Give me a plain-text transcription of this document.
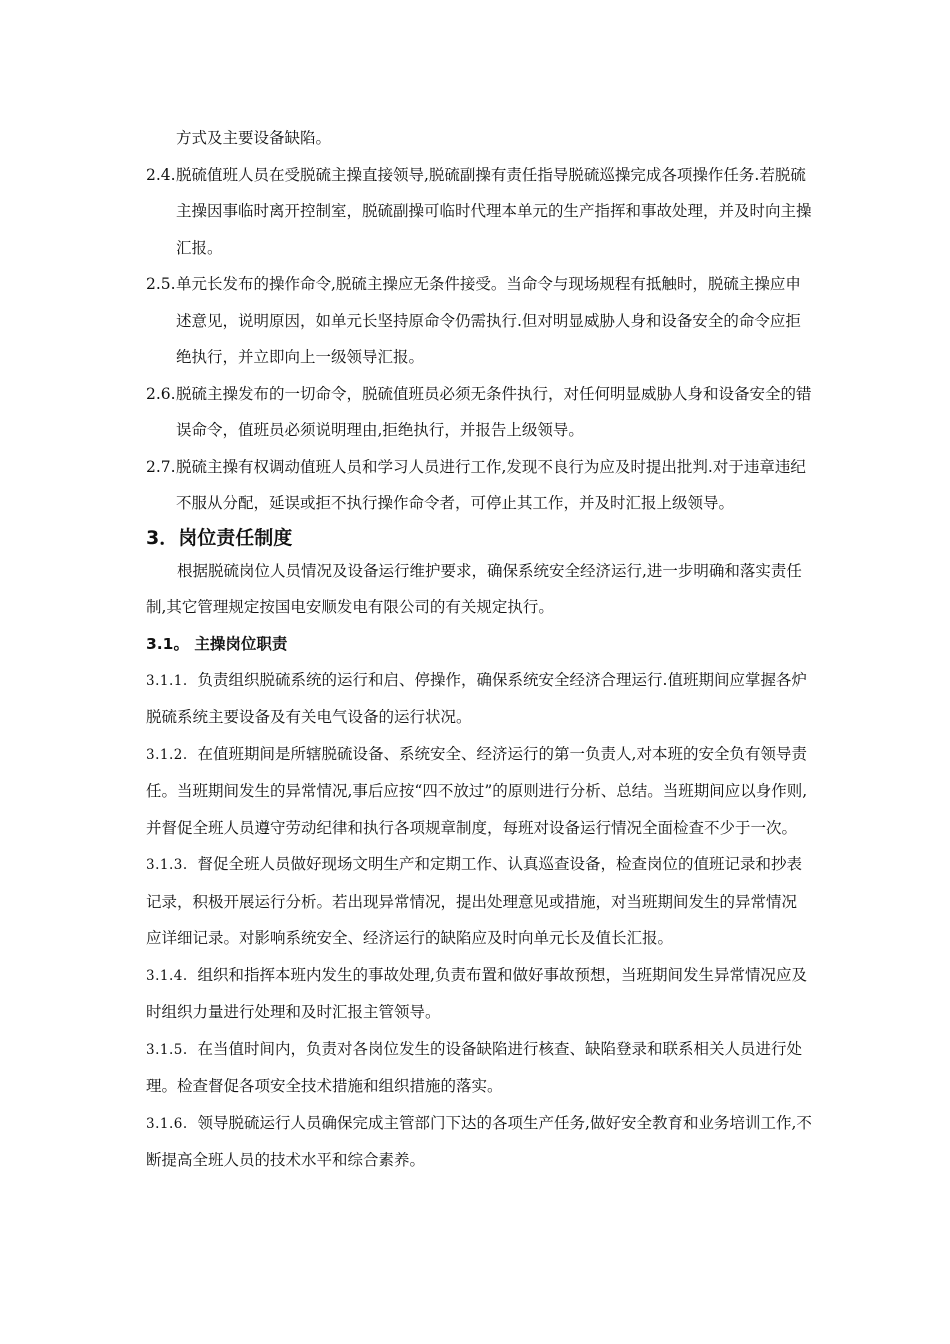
方式及主要设备缺陷。

2.4. 脱硫值班人员在受脱硫主操直接领导,脱硫副操有责任指导脱硫巡操完成各项操作任务.若脱硫主操因事临时离开控制室，脱硫副操可临时代理本单元的生产指挥和事故处理，并及时向主操汇报。
2.5. 单元长发布的操作命令,脱硫主操应无条件接受。当命令与现场规程有抵触时，脱硫主操应申述意见，说明原因，如单元长坚持原命令仍需执行.但对明显威胁人身和设备安全的命令应拒绝执行，并立即向上一级领导汇报。
2.6. 脱硫主操发布的一切命令，脱硫值班员必须无条件执行，对任何明显威胁人身和设备安全的错误命令，值班员必须说明理由,拒绝执行，并报告上级领导。
2.7. 脱硫主操有权调动值班人员和学习人员进行工作,发现不良行为应及时提出批判.对于违章违纪不服从分配，延误或拒不执行操作命令者，可停止其工作，并及时汇报上级领导。
3．岗位责任制度

根据脱硫岗位人员情况及设备运行维护要求，确保系统安全经济运行,进一步明确和落实责任制,其它管理规定按国电安顺发电有限公司的有关规定执行。

3.1。 主操岗位职责

3.1.1. 负责组织脱硫系统的运行和启、停操作，确保系统安全经济合理运行.值班期间应掌握各炉脱硫系统主要设备及有关电气设备的运行状况。

3.1.2. 在值班期间是所辖脱硫设备、系统安全、经济运行的第一负责人,对本班的安全负有领导责任。当班期间发生的异常情况,事后应按“四不放过”的原则进行分析、总结。当班期间应以身作则,并督促全班人员遵守劳动纪律和执行各项规章制度，每班对设备运行情况全面检查不少于一次。

3.1.3. 督促全班人员做好现场文明生产和定期工作、认真巡查设备，检查岗位的值班记录和抄表记录，积极开展运行分析。若出现异常情况，提出处理意见或措施，对当班期间发生的异常情况应详细记录。对影响系统安全、经济运行的缺陷应及时向单元长及值长汇报。

3.1.4. 组织和指挥本班内发生的事故处理,负责布置和做好事故预想，当班期间发生异常情况应及时组织力量进行处理和及时汇报主管领导。

3.1.5. 在当值时间内，负责对各岗位发生的设备缺陷进行核查、缺陷登录和联系相关人员进行处理。检查督促各项安全技术措施和组织措施的落实。

3.1.6. 领导脱硫运行人员确保完成主管部门下达的各项生产任务,做好安全教育和业务培训工作,不断提高全班人员的技术水平和综合素养。
